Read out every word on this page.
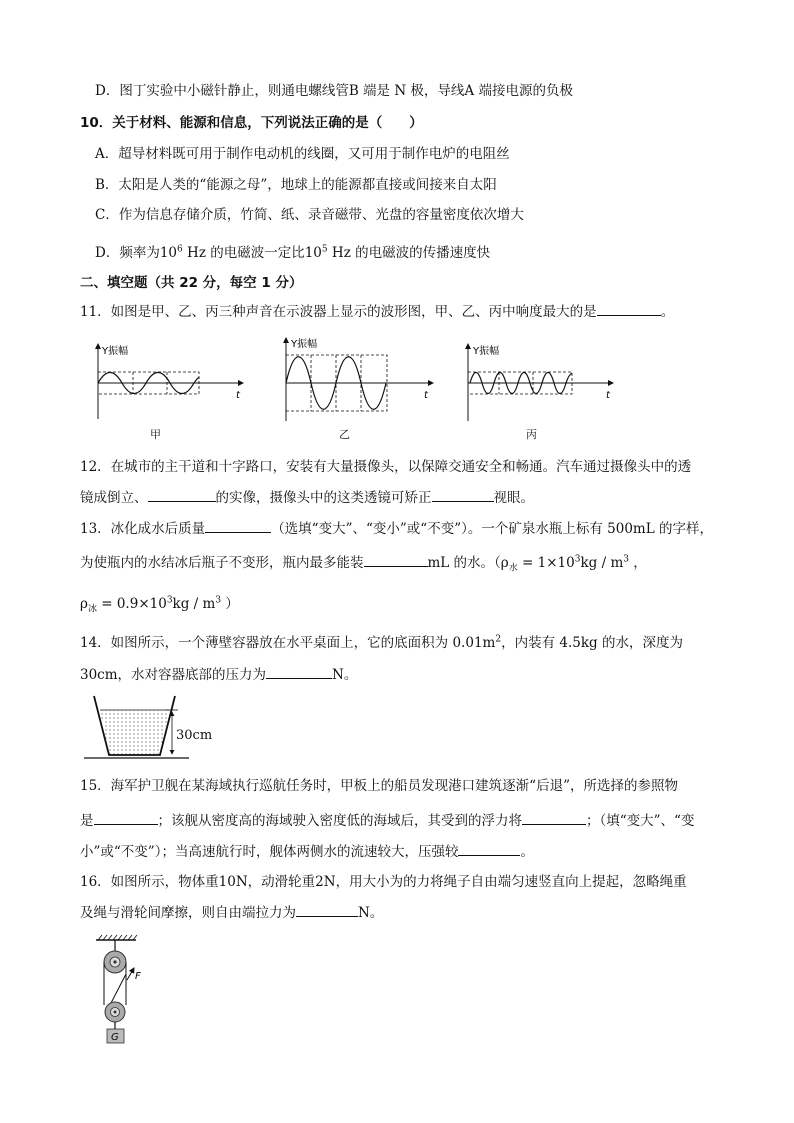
D．图丁实验中小磁针静止，则通电螺线管B 端是 N 极，导线A 端接电源的负极
10．关于材料、能源和信息，下列说法正确的是（　　）
A．超导材料既可用于制作电动机的线圈，又可用于制作电炉的电阻丝
B．太阳是人类的“能源之母”，地球上的能源都直接或间接来自太阳
C．作为信息存储介质，竹简、纸、录音磁带、光盘的容量密度依次增大
D．频率为$10^6$ Hz 的电磁波一定比$10^5$ Hz 的电磁波的传播速度快
二、填空题（共 22 分，每空 1 分）
11．如图是甲、乙、丙三种声音在示波器上显示的波形图，甲、乙、丙中响度最大的是	。
Y振幅
t
Y振幅
t
Y振幅
t
甲	乙	丙
12．在城市的主干道和十字路口，安装有大量摄像头，以保障交通安全和畅通。汽车通过摄像头中的透
镜成倒立、	的实像，摄像头中的这类透镜可矫正	视眼。
13．冰化成水后质量	（选填“变大”、“变小”或“不变”）。一个矿泉水瓶上标有 500mL 的字样，
为使瓶内的水结冰后瓶子不变形，瓶内最多能装	mL 的水。（$\rho_水 = 1\times 10^3kg / m^3$ ，
$\rho_冰 = 0.9\times 10^3kg / m^3$ ）
14．如图所示，一个薄壁容器放在水平桌面上，它的底面积为 $0.01m^2$，内装有 4.5kg 的水，深度为
30cm，水对容器底部的压力为	N。
30cm
15．海军护卫舰在某海域执行巡航任务时，甲板上的船员发现港口建筑逐渐“后退”，所选择的参照物
是	；该舰从密度高的海域驶入密度低的海域后，其受到的浮力将	；（填“变大”、“变
小”或“不变”）；当高速航行时，舰体两侧水的流速较大，压强较	。
16．如图所示，物体重10N，动滑轮重2N，用大小为的力将绳子自由端匀速竖直向上提起，忽略绳重
及绳与滑轮间摩擦，则自由端拉力为	N。
G
F
